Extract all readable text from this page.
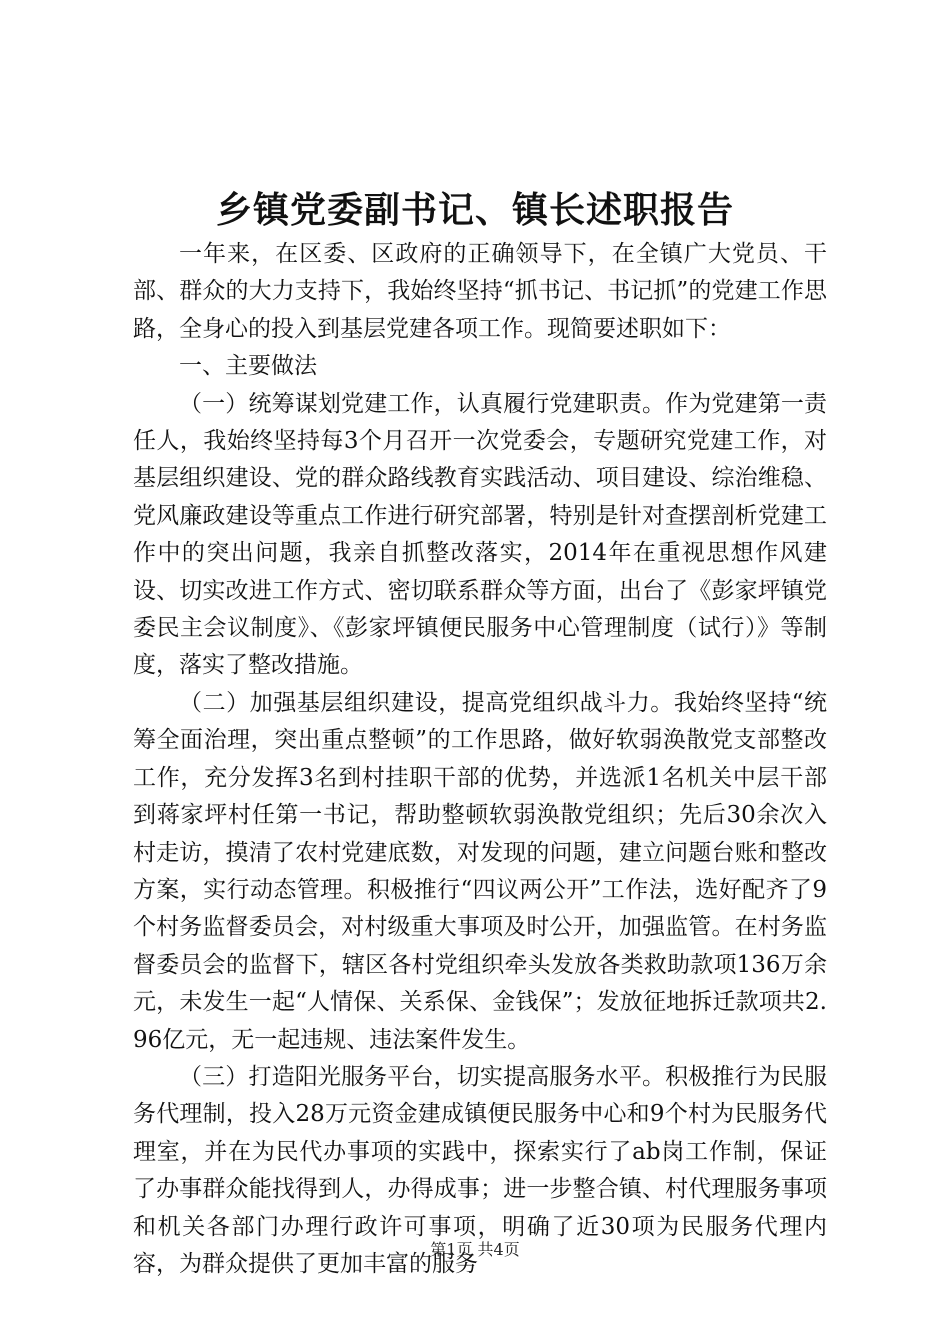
乡镇党委副书记、镇长述职报告

一年来，在区委、区政府的正确领导下，在全镇广大党员、干部、群众的大力支持下，我始终坚持“抓书记、书记抓”的党建工作思路，全身心的投入到基层党建各项工作。现简要述职如下：

一、主要做法

（一）统筹谋划党建工作，认真履行党建职责。作为党建第一责任人，我始终坚持每3个月召开一次党委会，专题研究党建工作，对基层组织建设、党的群众路线教育实践活动、项目建设、综治维稳、党风廉政建设等重点工作进行研究部署，特别是针对查摆剖析党建工作中的突出问题，我亲自抓整改落实，2014年在重视思想作风建设、切实改进工作方式、密切联系群众等方面，出台了《彭家坪镇党委民主会议制度》、《彭家坪镇便民服务中心管理制度（试行）》等制度，落实了整改措施。

（二）加强基层组织建设，提高党组织战斗力。我始终坚持“统筹全面治理，突出重点整顿”的工作思路，做好软弱涣散党支部整改工作，充分发挥3名到村挂职干部的优势，并选派1名机关中层干部到蒋家坪村任第一书记，帮助整顿软弱涣散党组织；先后30余次入村走访，摸清了农村党建底数，对发现的问题，建立问题台账和整改方案，实行动态管理。积极推行“四议两公开”工作法，选好配齐了9个村务监督委员会，对村级重大事项及时公开，加强监管。在村务监督委员会的监督下，辖区各村党组织牵头发放各类救助款项136万余元，未发生一起“人情保、关系保、金钱保”；发放征地拆迁款项共2.96亿元，无一起违规、违法案件发生。

（三）打造阳光服务平台，切实提高服务水平。积极推行为民服务代理制，投入28万元资金建成镇便民服务中心和9个村为民服务代理室，并在为民代办事项的实践中，探索实行了ab岗工作制，保证了办事群众能找得到人，办得成事；进一步整合镇、村代理服务事项和机关各部门办理行政许可事项，明确了近30项为民服务代理内容，为群众提供了更加丰富的服务

第1页 共4页
